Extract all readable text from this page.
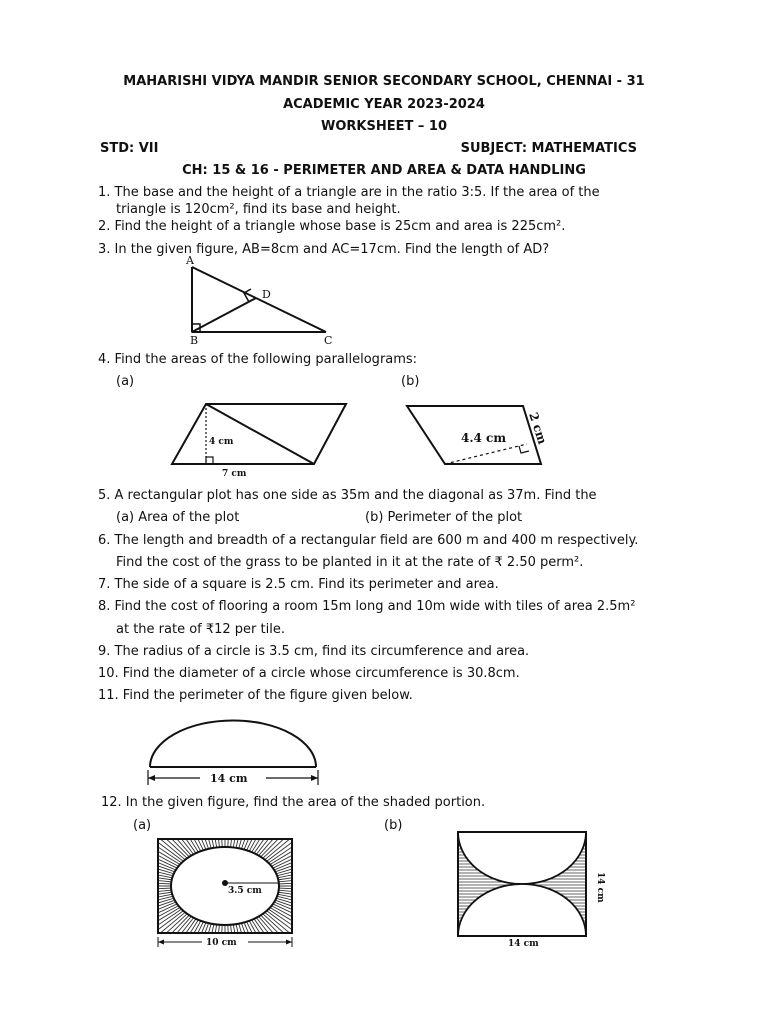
MAHARISHI VIDYA MANDIR SENIOR SECONDARY SCHOOL, CHENNAI - 31
ACADEMIC YEAR 2023-2024
WORKSHEET – 10
STD: VII	SUBJECT: MATHEMATICS
CH: 15 & 16 - PERIMETER AND AREA & DATA HANDLING
1. The base and the height of a triangle are in the ratio 3:5. If the area of the
triangle is 120cm², find its base and height.
2. Find the height of a triangle whose base is 25cm and area is 225cm².
3. In the given figure, AB=8cm and AC=17cm. Find the length of AD?
A
B	C
D
4. Find the areas of the following parallelograms:
(a)	(b)
4 cm
7 cm
4.4 cm 2 cm
5. A rectangular plot has one side as 35m and the diagonal as 37m. Find the
(a) Area of the plot	(b) Perimeter of the plot
6. The length and breadth of a rectangular field are 600 m and 400 m respectively.
Find the cost of the grass to be planted in it at the rate of ₹ 2.50 perm².
7. The side of a square is 2.5 cm. Find its perimeter and area.
8. Find the cost of flooring a room 15m long and 10m wide with tiles of area 2.5m²
at the rate of ₹12 per tile.
9. The radius of a circle is 3.5 cm, find its circumference and area.
10. Find the diameter of a circle whose circumference is 30.8cm.
11. Find the perimeter of the figure given below.
14 cm
12. In the given figure, find the area of the shaded portion.
(a)	(b)
3.5 cm
10 cm
14 cm
14 cm
